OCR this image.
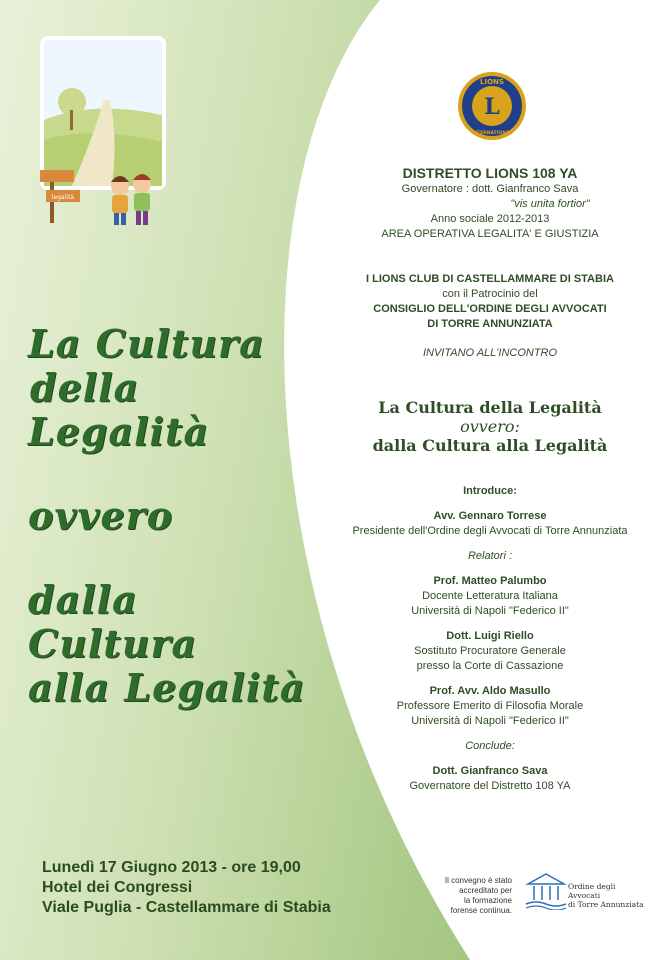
legalità

La Cultura

della

Legalità

ovvero

dalla

Cultura

alla Legalità

Lunedì 17 Giugno 2013 - ore 19,00
Hotel dei Congressi
Viale Puglia - Castellammare di Stabia
L
LIONS
INTERNATIONAL

DISTRETTO LIONS 108 YA

Governatore : dott. Gianfranco Sava

"vis unita fortior"

Anno sociale 2012-2013

AREA OPERATIVA LEGALITA' E GIUSTIZIA

I LIONS CLUB DI CASTELLAMMARE DI STABIA

con il Patrocinio del

CONSIGLIO DELL'ORDINE DEGLI AVVOCATI

DI TORRE ANNUNZIATA

INVITANO ALL'INCONTRO

La Cultura della Legalità

ovvero:

dalla Cultura alla Legalità

Introduce:

Avv. Gennaro Torrese

Presidente dell'Ordine degli Avvocati di Torre Annunziata

Relatori :

Prof. Matteo Palumbo

Docente Letteratura Italiana

Università di Napoli "Federico II"

Dott. Luigi Riello

Sostituto Procuratore Generale

presso la Corte di Cassazione

Prof. Avv. Aldo Masullo

Professore Emerito di Filosofia Morale

Università di Napoli "Federico II"

Conclude:

Dott. Gianfranco Sava

Governatore del Distretto 108 YA

Il convegno è stato
accreditato per
la formazione
forense continua.
Ordine degli
Avvocati
di Torre Annunziata
